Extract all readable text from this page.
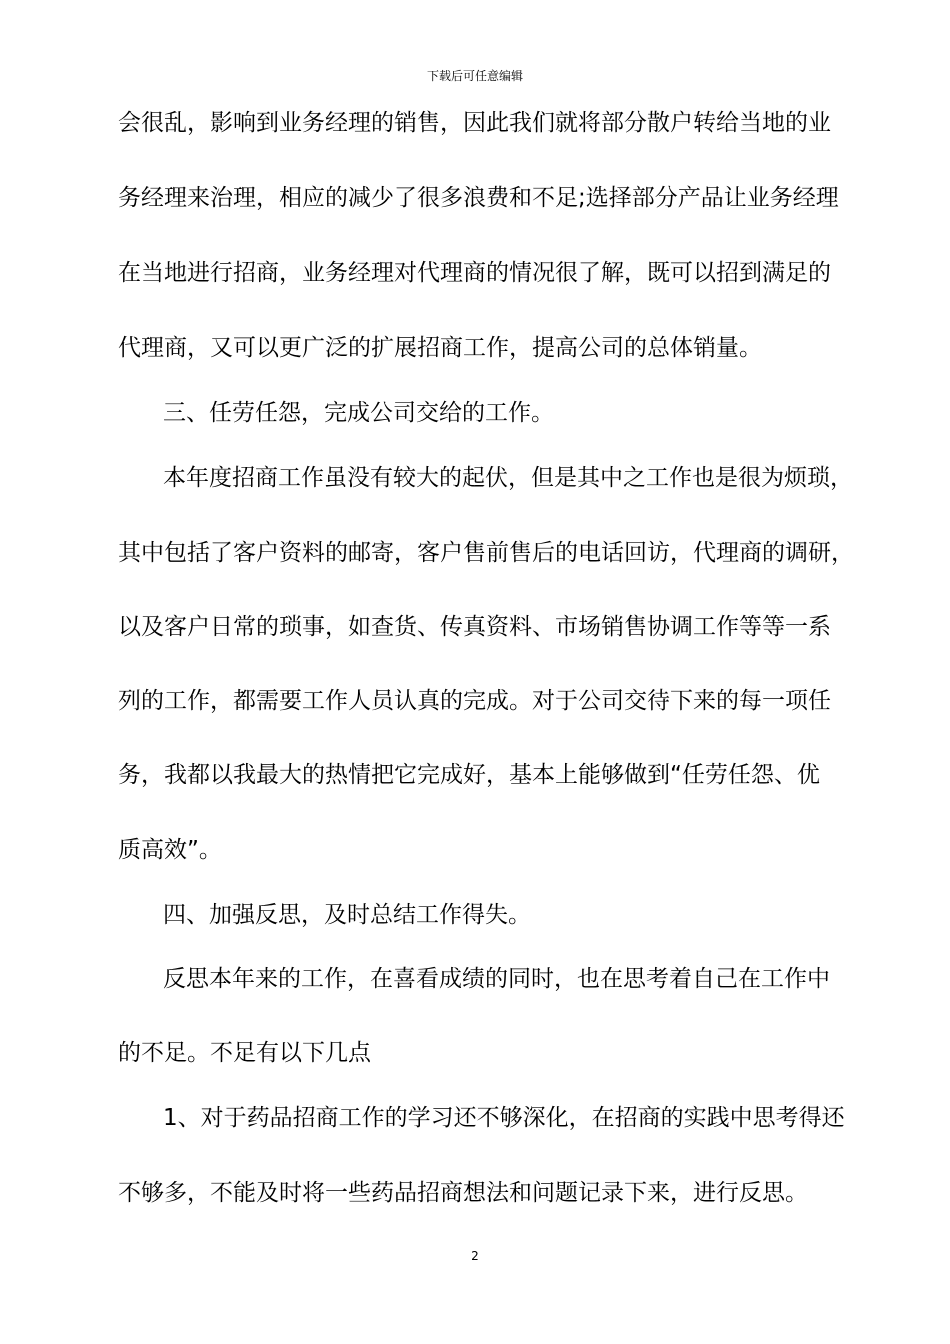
下载后可任意编辑
会很乱，影响到业务经理的销售，因此我们就将部分散户转给当地的业
务经理来治理，相应的减少了很多浪费和不足;选择部分产品让业务经理
在当地进行招商，业务经理对代理商的情况很了解，既可以招到满足的
代理商，又可以更广泛的扩展招商工作，提高公司的总体销量。
三、任劳任怨，完成公司交给的工作。
本年度招商工作虽没有较大的起伏，但是其中之工作也是很为烦琐，
其中包括了客户资料的邮寄，客户售前售后的电话回访，代理商的调研，
以及客户日常的琐事，如查货、传真资料、市场销售协调工作等等一系
列的工作，都需要工作人员认真的完成。对于公司交待下来的每一项任
务，我都以我最大的热情把它完成好，基本上能够做到“任劳任怨、优
质高效”。
四、加强反思，及时总结工作得失。
反思本年来的工作，在喜看成绩的同时，也在思考着自己在工作中
的不足。不足有以下几点
1、对于药品招商工作的学习还不够深化，在招商的实践中思考得还
不够多，不能及时将一些药品招商想法和问题记录下来，进行反思。
2
